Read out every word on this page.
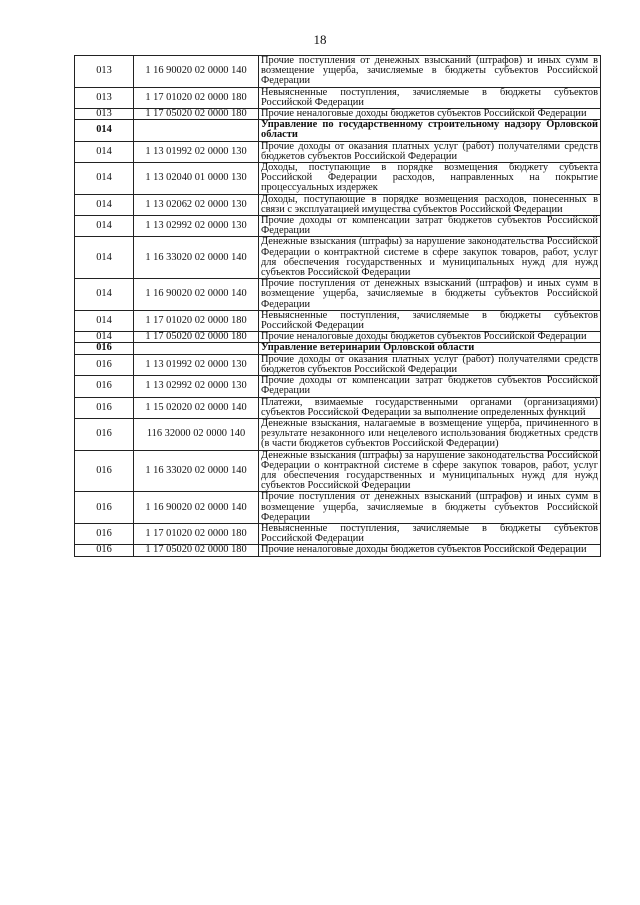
18
013	1 16 90020 02 0000 140	Прочие поступления от денежных взысканий (штрафов) и иных сумм в возмещение ущерба, зачисляемые в бюджеты субъектов Российской Федерации
013	1 17 01020 02 0000 180	Невыясненные поступления, зачисляемые в бюджеты субъектов Российской Федерации
013	1 17 05020 02 0000 180	Прочие неналоговые доходы бюджетов субъектов Российской Федерации
014		Управление по государственному строительному надзору Орловской области
014	1 13 01992 02 0000 130	Прочие доходы от оказания платных услуг (работ) получателями средств бюджетов субъектов Российской Федерации
014	1 13 02040 01 0000 130	Доходы, поступающие в порядке возмещения бюджету субъекта Российской Федерации расходов, направленных на покрытие процессуальных издержек
014	1 13 02062 02 0000 130	Доходы, поступающие в порядке возмещения расходов, понесенных в связи с эксплуатацией имущества субъектов Российской Федерации
014	1 13 02992 02 0000 130	Прочие доходы от компенсации затрат бюджетов субъектов Российской Федерации
014	1 16 33020 02 0000 140	Денежные взыскания (штрафы) за нарушение законодательства Российской Федерации о контрактной системе в сфере закупок товаров, работ, услуг для обеспечения государственных и муниципальных нужд для нужд субъектов Российской Федерации
014	1 16 90020 02 0000 140	Прочие поступления от денежных взысканий (штрафов) и иных сумм в возмещение ущерба, зачисляемые в бюджеты субъектов Российской Федерации
014	1 17 01020 02 0000 180	Невыясненные поступления, зачисляемые в бюджеты субъектов Российской Федерации
014	1 17 05020 02 0000 180	Прочие неналоговые доходы бюджетов субъектов Российской Федерации
016		Управление ветеринарии Орловской области
016	1 13 01992 02 0000 130	Прочие доходы от оказания платных услуг (работ) получателями средств бюджетов субъектов Российской Федерации
016	1 13 02992 02 0000 130	Прочие доходы от компенсации затрат бюджетов субъектов Российской Федерации
016	1 15 02020 02 0000 140	Платежи, взимаемые государственными органами (организациями) субъектов Российской Федерации за выполнение определенных функций
016	116 32000 02 0000 140	Денежные взыскания, налагаемые в возмещение ущерба, причиненного в результате незаконного или нецелевого использования бюджетных средств (в части бюджетов субъектов Российской Федерации)
016	1 16 33020 02 0000 140	Денежные взыскания (штрафы) за нарушение законодательства Российской Федерации о контрактной системе в сфере закупок товаров, работ, услуг для обеспечения государственных и муниципальных нужд для нужд субъектов Российской Федерации
016	1 16 90020 02 0000 140	Прочие поступления от денежных взысканий (штрафов) и иных сумм в возмещение ущерба, зачисляемые в бюджеты субъектов Российской Федерации
016	1 17 01020 02 0000 180	Невыясненные поступления, зачисляемые в бюджеты субъектов Российской Федерации
016	1 17 05020 02 0000 180	Прочие неналоговые доходы бюджетов субъектов Российской Федерации
